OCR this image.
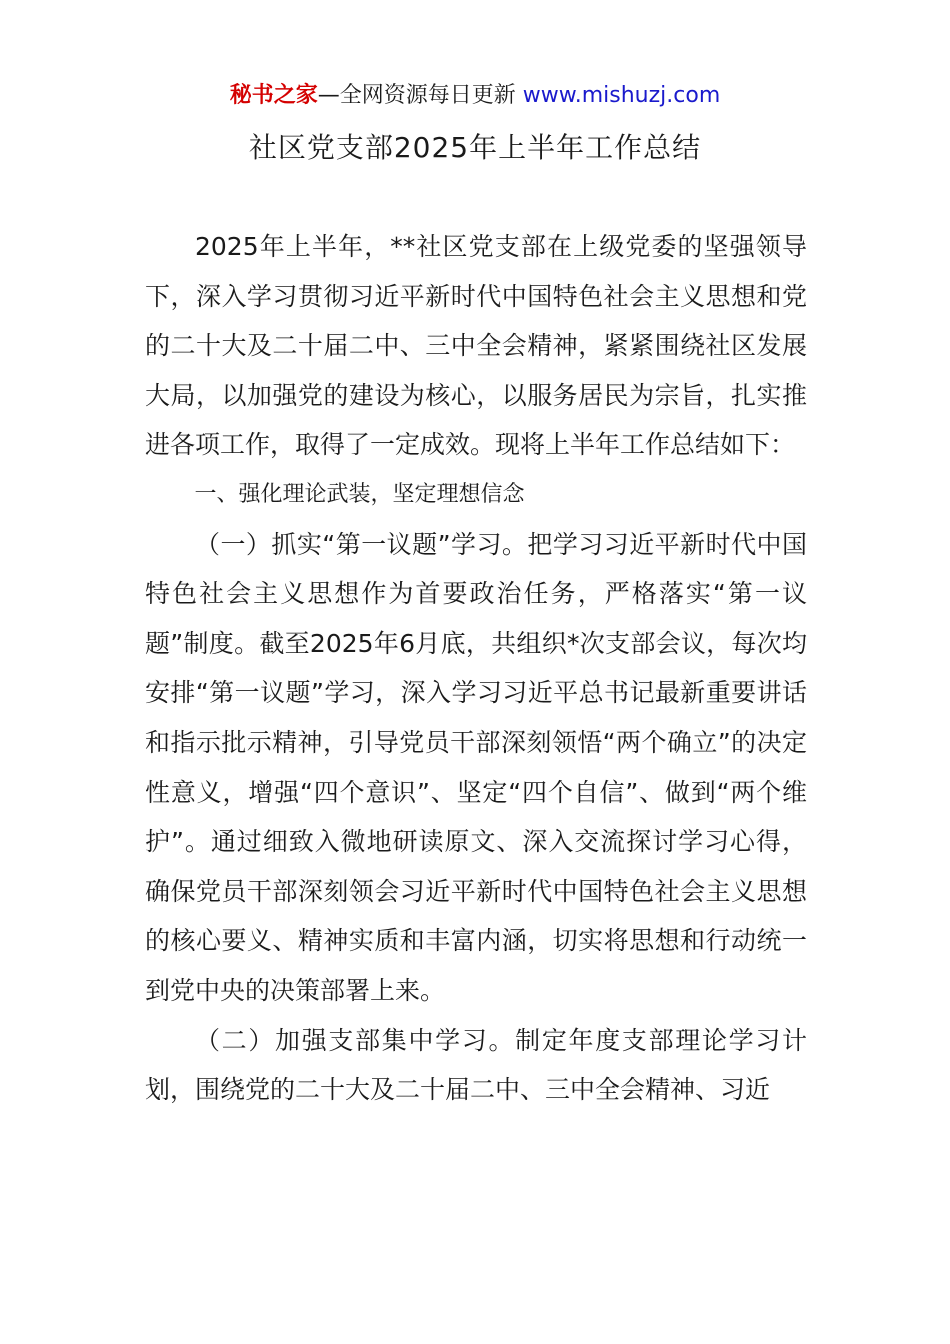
秘书之家—全网资源每日更新 www.mishuzj.com
社区党支部2025年上半年工作总结

2025年上半年，**社区党支部在上级党委的坚强领导下，深入学习贯彻习近平新时代中国特色社会主义思想和党的二十大及二十届二中、三中全会精神，紧紧围绕社区发展大局，以加强党的建设为核心，以服务居民为宗旨，扎实推进各项工作，取得了一定成效。现将上半年工作总结如下：

一、强化理论武装，坚定理想信念

（一）抓实“第一议题”学习。把学习习近平新时代中国特色社会主义思想作为首要政治任务，严格落实“第一议题”制度。截至2025年6月底，共组织*次支部会议，每次均安排“第一议题”学习，深入学习习近平总书记最新重要讲话和指示批示精神，引导党员干部深刻领悟“两个确立”的决定性意义，增强“四个意识”、坚定“四个自信”、做到“两个维护”。通过细致入微地研读原文、深入交流探讨学习心得，确保党员干部深刻领会习近平新时代中国特色社会主义思想的核心要义、精神实质和丰富内涵，切实将思想和行动统一到党中央的决策部署上来。

（二）加强支部集中学习。制定年度支部理论学习计划，围绕党的二十大及二十届二中、三中全会精神、习近
